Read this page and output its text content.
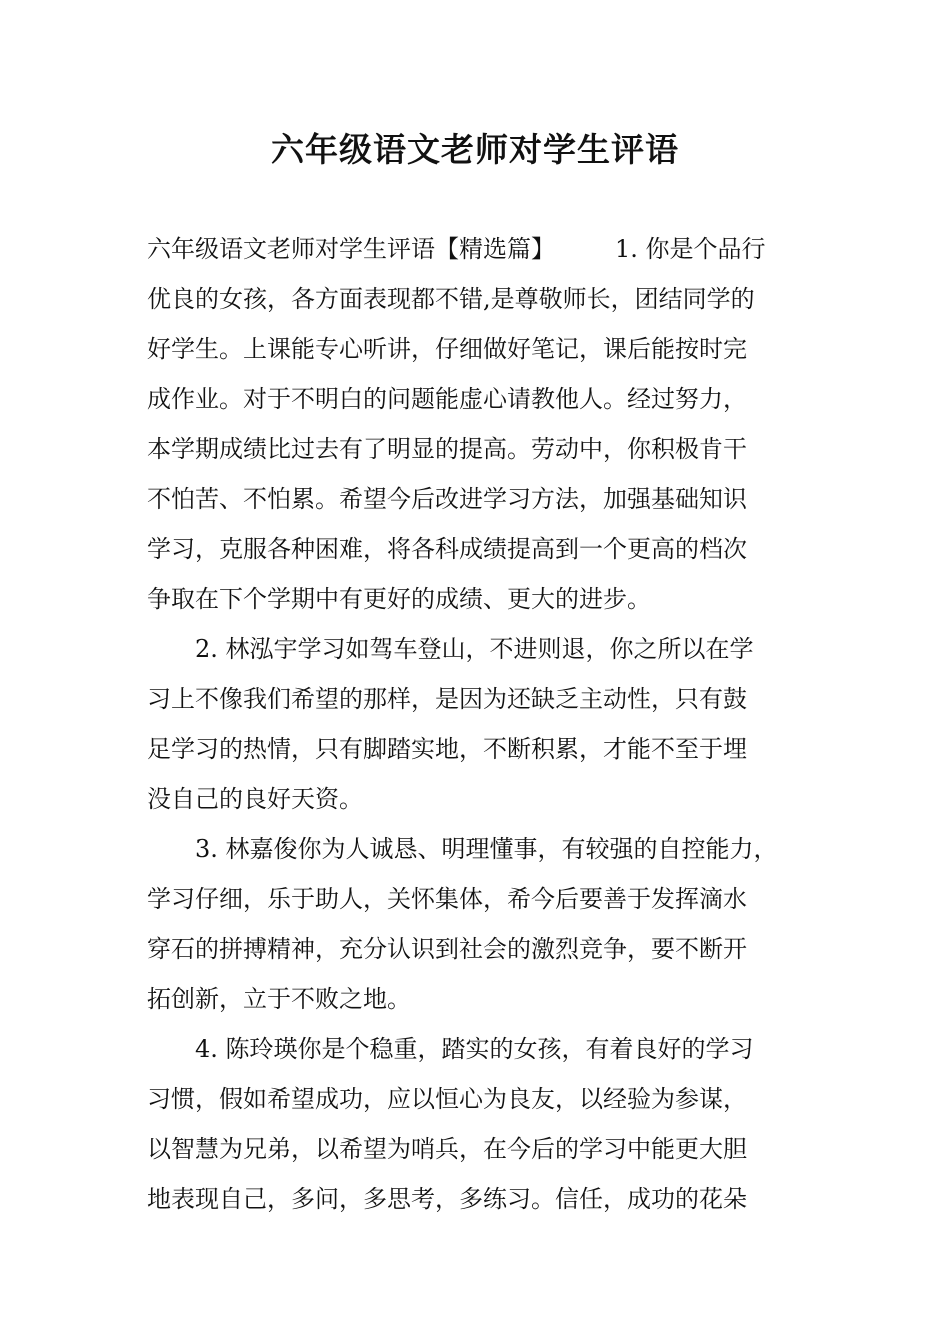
六年级语文老师对学生评语

六年级语文老师对学生评语【精选篇】　　　1. 你是个品行

优良的女孩，各方面表现都不错,是尊敬师长，团结同学的

好学生。上课能专心听讲，仔细做好笔记，课后能按时完

成作业。对于不明白的问题能虚心请教他人。经过努力，

本学期成绩比过去有了明显的提高。劳动中，你积极肯干

不怕苦、不怕累。希望今后改进学习方法，加强基础知识

学习，克服各种困难，将各科成绩提高到一个更高的档次

争取在下个学期中有更好的成绩、更大的进步。

2. 林泓宇学习如驾车登山，不进则退，你之所以在学

习上不像我们希望的那样，是因为还缺乏主动性，只有鼓

足学习的热情，只有脚踏实地，不断积累，才能不至于埋

没自己的良好天资。

3. 林嘉俊你为人诚恳、明理懂事，有较强的自控能力，

学习仔细，乐于助人，关怀集体，希今后要善于发挥滴水

穿石的拼搏精神，充分认识到社会的激烈竞争，要不断开

拓创新，立于不败之地。

4. 陈玲瑛你是个稳重，踏实的女孩，有着良好的学习

习惯，假如希望成功，应以恒心为良友，以经验为参谋，

以智慧为兄弟，以希望为哨兵，在今后的学习中能更大胆

地表现自己，多问，多思考，多练习。信任，成功的花朵
